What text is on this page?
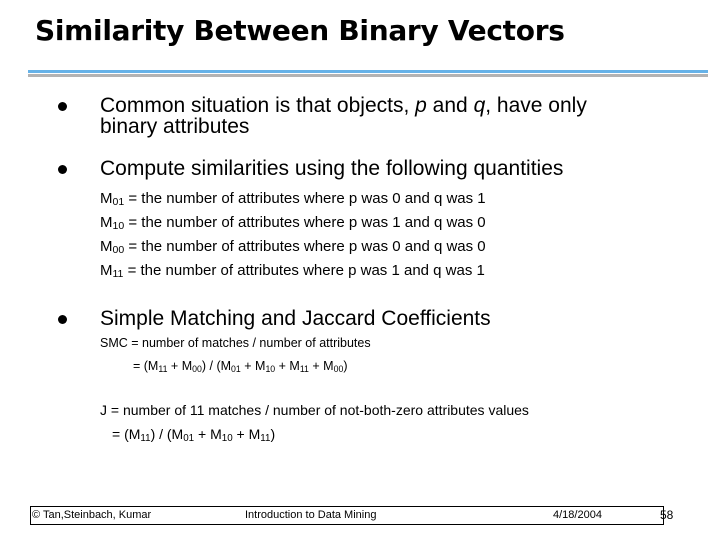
Similarity Between Binary Vectors
Common situation is that objects, p and q, have only
binary attributes
Compute similarities using the following quantities
$M_{01}$ = the number of attributes where p was 0 and q was 1
$M_{10}$ = the number of attributes where p was 1 and q was 0
$M_{00}$ = the number of attributes where p was 0 and q was 0
$M_{11}$ = the number of attributes where p was 1 and q was 1
Simple Matching and Jaccard Coefficients
SMC = number of matches / number of attributes
= $(M_{11} + M_{00}) / (M_{01} + M_{10} + M_{11} + M_{00})$
J = number of 11 matches / number of not-both-zero attributes values
= $(M_{11}) / (M_{01} + M_{10} + M_{11})$
© Tan,Steinbach, Kumar	Introduction to Data Mining	4/18/2004	58
